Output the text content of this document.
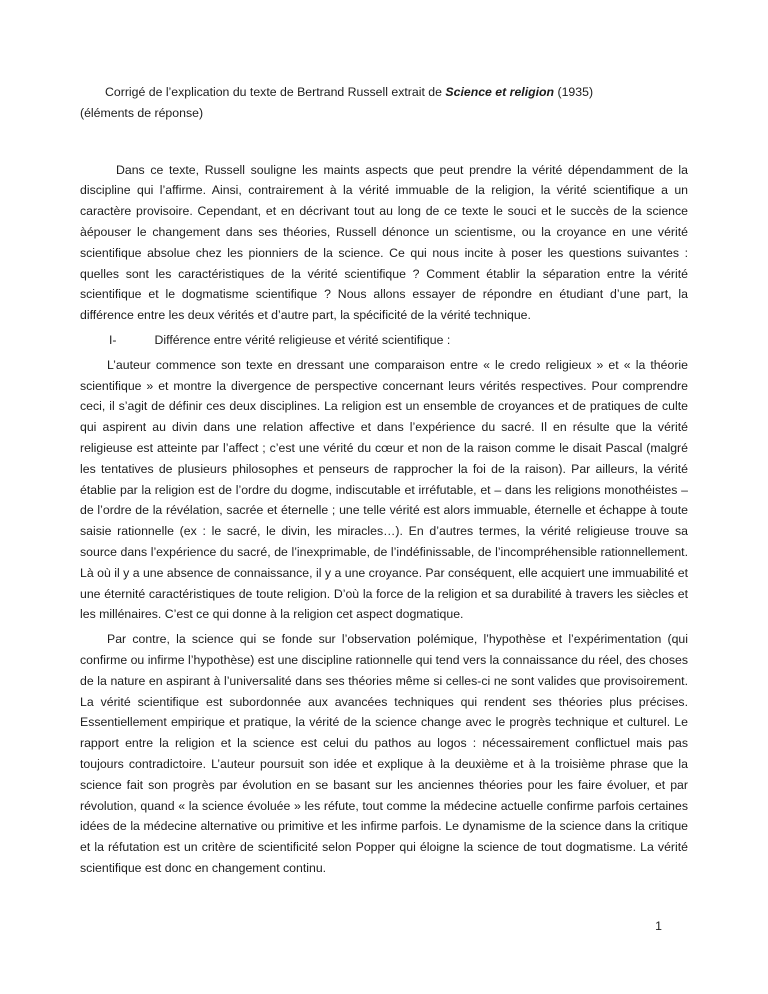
Corrigé de l’explication du texte de Bertrand Russell extrait de Science et religion (1935)
(éléments de réponse)

Dans ce texte, Russell souligne les maints aspects que peut prendre la vérité dépendamment de la discipline qui l’affirme. Ainsi, contrairement à la vérité immuable de la religion, la vérité scientifique a un caractère provisoire. Cependant, et en décrivant tout au long de ce texte le souci et le succès de la science àépouser le changement dans ses théories, Russell dénonce un scientisme, ou la croyance en une vérité scientifique absolue chez les pionniers de la science. Ce qui nous incite à poser les questions suivantes : quelles sont les caractéristiques de la vérité scientifique ? Comment établir la séparation entre la vérité scientifique et le dogmatisme scientifique ? Nous allons essayer de répondre en étudiant d’une part, la différence entre les deux vérités et d’autre part, la spécificité de la vérité technique.

I-	Différence entre vérité religieuse et vérité scientifique :

L’auteur commence son texte en dressant une comparaison entre « le credo religieux » et « la théorie scientifique » et montre la divergence de perspective concernant leurs vérités respectives. Pour comprendre ceci, il s’agit de définir ces deux disciplines. La religion est un ensemble de croyances et de pratiques de culte qui aspirent au divin dans une relation affective et dans l’expérience du sacré. Il en résulte que la vérité religieuse est atteinte par l’affect ; c’est une vérité du cœur et non de la raison comme le disait Pascal (malgré les tentatives de plusieurs philosophes et penseurs de rapprocher la foi de la raison). Par ailleurs, la vérité établie par la religion est de l’ordre du dogme, indiscutable et irréfutable, et – dans les religions monothéistes – de l’ordre de la révélation, sacrée et éternelle ; une telle vérité est alors immuable, éternelle et échappe à toute saisie rationnelle (ex : le sacré, le divin, les miracles…). En d’autres termes, la vérité religieuse trouve sa source dans l’expérience du sacré, de l’inexprimable, de l’indéfinissable, de l’incompréhensible rationnellement. Là où il y a une absence de connaissance, il y a une croyance. Par conséquent, elle acquiert une immuabilité et une éternité caractéristiques de toute religion. D’où la force de la religion et sa durabilité à travers les siècles et les millénaires. C’est ce qui donne à la religion cet aspect dogmatique.

Par contre, la science qui se fonde sur l’observation polémique, l’hypothèse et l’expérimentation (qui confirme ou infirme l’hypothèse) est une discipline rationnelle qui tend vers la connaissance du réel, des choses de la nature en aspirant à l’universalité dans ses théories même si celles-ci ne sont valides que provisoirement. La vérité scientifique est subordonnée aux avancées techniques qui rendent ses théories plus précises. Essentiellement empirique et pratique, la vérité de la science change avec le progrès technique et culturel. Le rapport entre la religion et la science est celui du pathos au logos : nécessairement conflictuel mais pas toujours contradictoire. L’auteur poursuit son idée et explique à la deuxième et à la troisième phrase que la science fait son progrès par évolution en se basant sur les anciennes théories pour les faire évoluer, et par révolution, quand « la science évoluée » les réfute, tout comme la médecine actuelle confirme parfois certaines idées de la médecine alternative ou primitive et les infirme parfois. Le dynamisme de la science dans la critique et la réfutation est un critère de scientificité selon Popper qui éloigne la science de tout dogmatisme. La vérité scientifique est donc en changement continu.

1
